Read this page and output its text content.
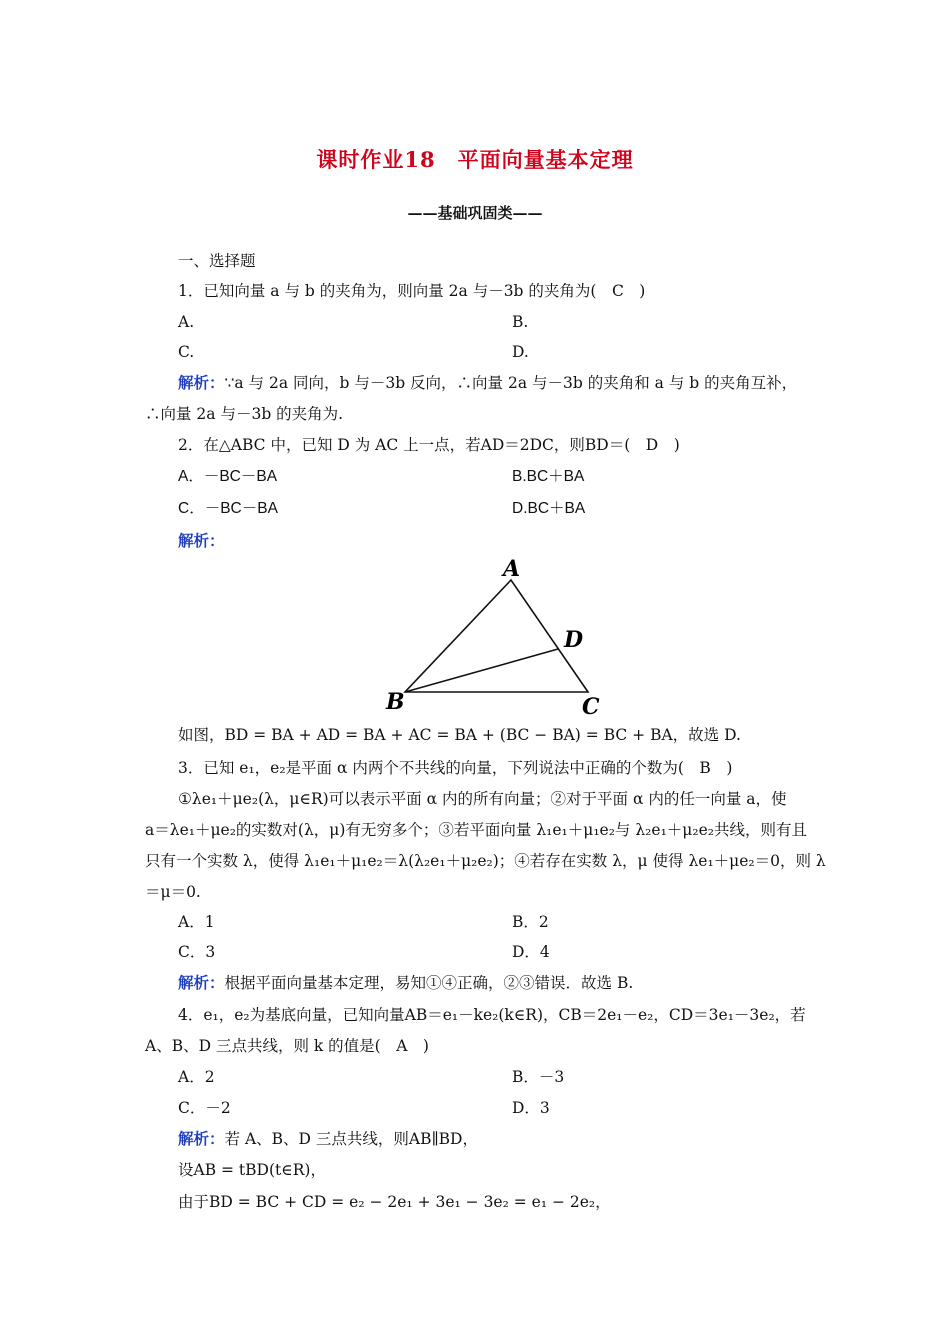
课时作业18　平面向量基本定理
——基础巩固类——
一、选择题
1．已知向量 a 与 b 的夹角为，则向量 2a 与－3b 的夹角为(　C　)
A.	B.
C.	D.
解析：∵a 与 2a 同向，b 与－3b 反向，∴向量 2a 与－3b 的夹角和 a 与 b 的夹角互补，
∴向量 2a 与－3b 的夹角为.
2．在△ABC 中，已知 D 为 AC 上一点，若AD＝2DC，则BD＝(　D　)
A．－BC－BA	B.BC＋BA
C．－BC－BA	D.BC＋BA
解析：
A
D
B	C
如图，BD = BA + AD = BA + AC = BA + (BC − BA) = BC + BA，故选 D.
3．已知 e₁，e₂是平面 α 内两个不共线的向量，下列说法中正确的个数为(　B　)
①λe₁＋μe₂(λ，μ∈R)可以表示平面 α 内的所有向量；②对于平面 α 内的任一向量 a，使
a＝λe₁＋μe₂的实数对(λ，μ)有无穷多个；③若平面向量 λ₁e₁＋μ₁e₂与 λ₂e₁＋μ₂e₂共线，则有且
只有一个实数 λ，使得 λ₁e₁＋μ₁e₂＝λ(λ₂e₁＋μ₂e₂)；④若存在实数 λ，μ 使得 λe₁＋μe₂＝0，则 λ
＝μ＝0.
A．1	B．2
C．3	D．4
解析：根据平面向量基本定理，易知①④正确，②③错误．故选 B.
4．e₁，e₂为基底向量，已知向量AB＝e₁－ke₂(k∈R)，CB＝2e₁－e₂，CD＝3e₁－3e₂，若
A、B、D 三点共线，则 k 的值是(　A　)
A．2	B．－3
C．－2	D．3
解析：若 A、B、D 三点共线，则AB∥BD，
设AB = tBD(t∈R)，
由于BD = BC + CD = e₂ − 2e₁ + 3e₁ − 3e₂ = e₁ − 2e₂，
